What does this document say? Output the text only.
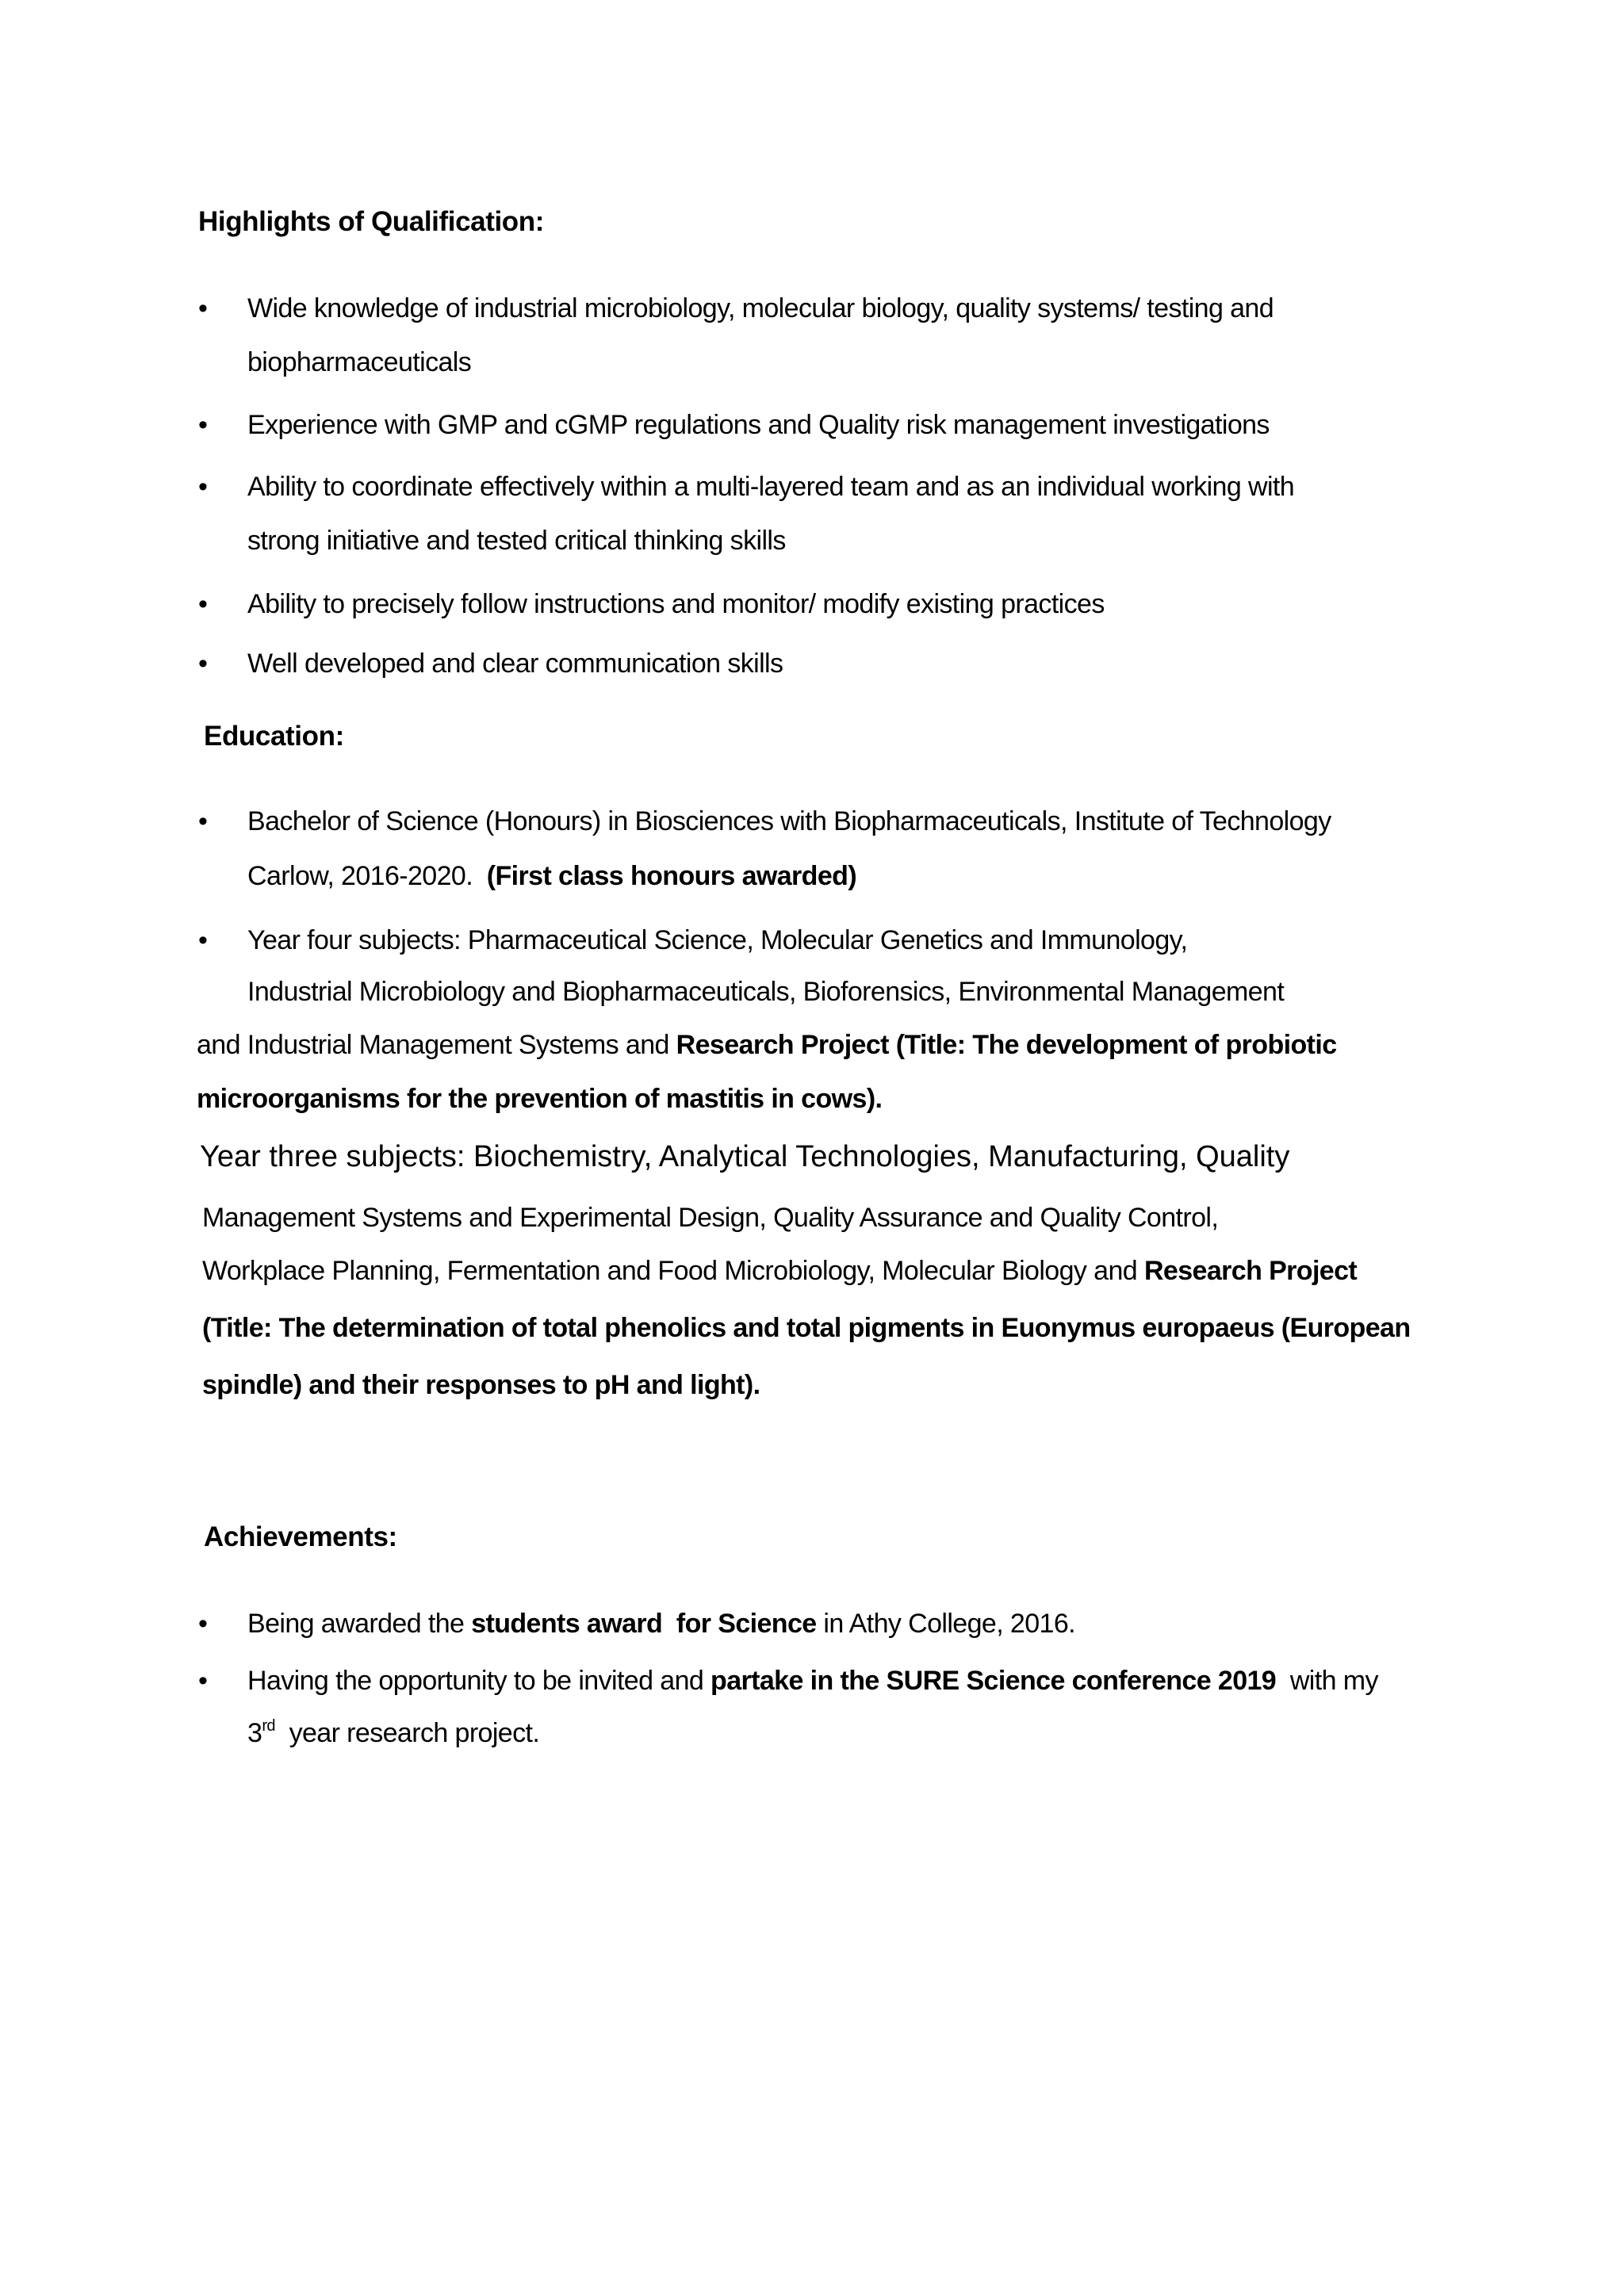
Highlights of Qualification:
• Wide knowledge of industrial microbiology, molecular biology, quality systems/ testing and
biopharmaceuticals
• Experience with GMP and cGMP regulations and Quality risk management investigations
• Ability to coordinate effectively within a multi-layered team and as an individual working with
strong initiative and tested critical thinking skills
• Ability to precisely follow instructions and monitor/ modify existing practices
• Well developed and clear communication skills
Education:
• Bachelor of Science (Honours) in Biosciences with Biopharmaceuticals, Institute of Technology
Carlow, 2016-2020.  (First class honours awarded)
• Year four subjects: Pharmaceutical Science, Molecular Genetics and Immunology,
Industrial Microbiology and Biopharmaceuticals, Bioforensics, Environmental Management
and Industrial Management Systems and Research Project (Title: The development of probiotic
microorganisms for the prevention of mastitis in cows).
Year three subjects: Biochemistry, Analytical Technologies, Manufacturing, Quality
Management Systems and Experimental Design, Quality Assurance and Quality Control,
Workplace Planning, Fermentation and Food Microbiology, Molecular Biology and Research Project
(Title: The determination of total phenolics and total pigments in Euonymus europaeus (European
spindle) and their responses to pH and light).
Achievements:
• Being awarded the students award  for Science in Athy College, 2016.
• Having the opportunity to be invited and partake in the SURE Science conference 2019  with my
3rd  year research project.
